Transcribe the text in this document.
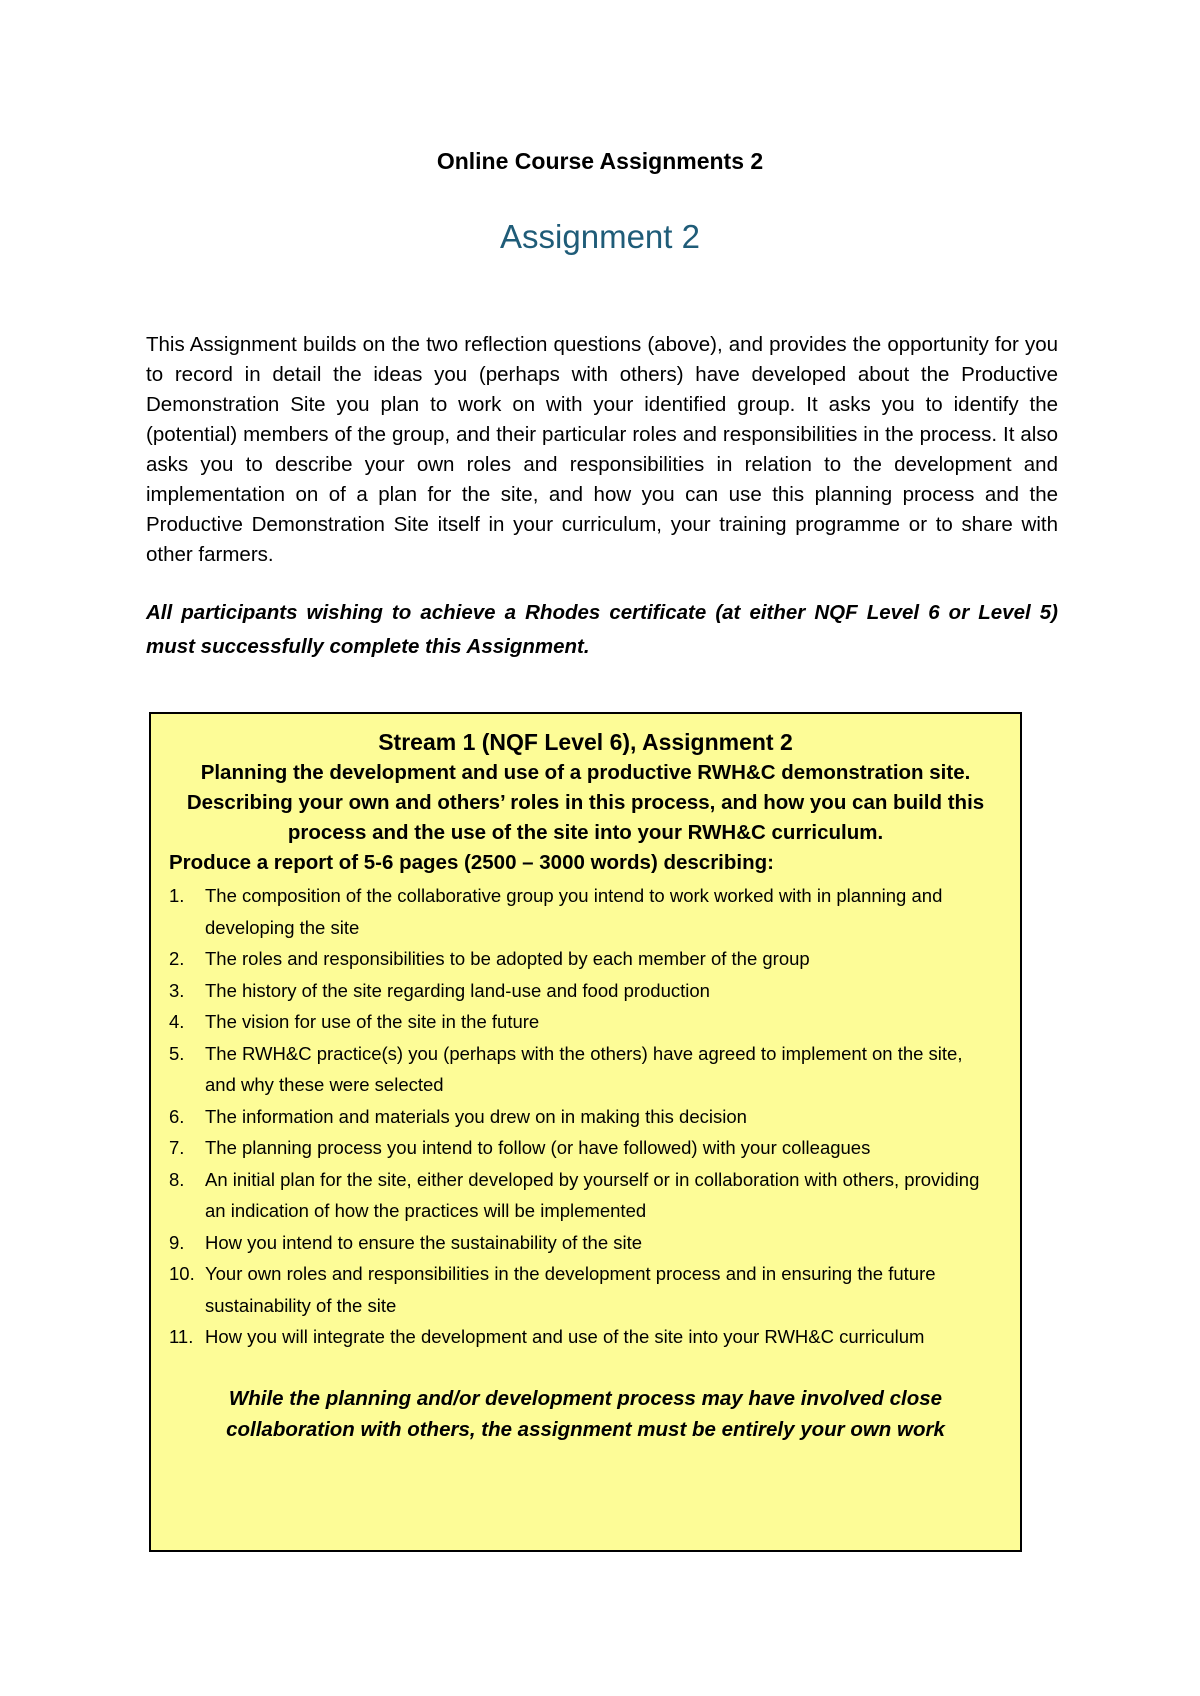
Online Course Assignments 2
Assignment 2

This Assignment builds on the two reflection questions (above), and provides the opportunity for you to record in detail the ideas you (perhaps with others) have developed about the Productive Demonstration Site you plan to work on with your identified group. It asks you to identify the (potential) members of the group, and their particular roles and responsibilities in the process. It also asks you to describe your own roles and responsibilities in relation to the development and implementation on of a plan for the site, and how you can use this planning process and the Productive Demonstration Site itself in your curriculum, your training programme or to share with other farmers.

All participants wishing to achieve a Rhodes certificate (at either NQF Level 6 or Level 5) must successfully complete this Assignment.

Stream 1 (NQF Level 6), Assignment 2
Planning the development and use of a productive RWH&C demonstration site.
Describing your own and others’ roles in this process, and how you can build this process and the use of the site into your RWH&C curriculum.
Produce a report of 5-6 pages (2500 – 3000 words) describing:
1.	The composition of the collaborative group you intend to work worked with in planning and developing the site
2.	The roles and responsibilities to be adopted by each member of the group
3.	The history of the site regarding land-use and food production
4.	The vision for use of the site in the future
5.	The RWH&C practice(s) you (perhaps with the others) have agreed to implement on the site, and why these were selected
6.	The information and materials you drew on in making this decision
7.	The planning process you intend to follow (or have followed) with your colleagues
8.	An initial plan for the site, either developed by yourself or in collaboration with others, providing an indication of how the practices will be implemented
9.	How you intend to ensure the sustainability of the site
10. Your own roles and responsibilities in the development process and in ensuring the future sustainability of the site
11. How you will integrate the development and use of the site into your RWH&C curriculum
While the planning and/or development process may have involved close collaboration with others, the assignment must be entirely your own work
